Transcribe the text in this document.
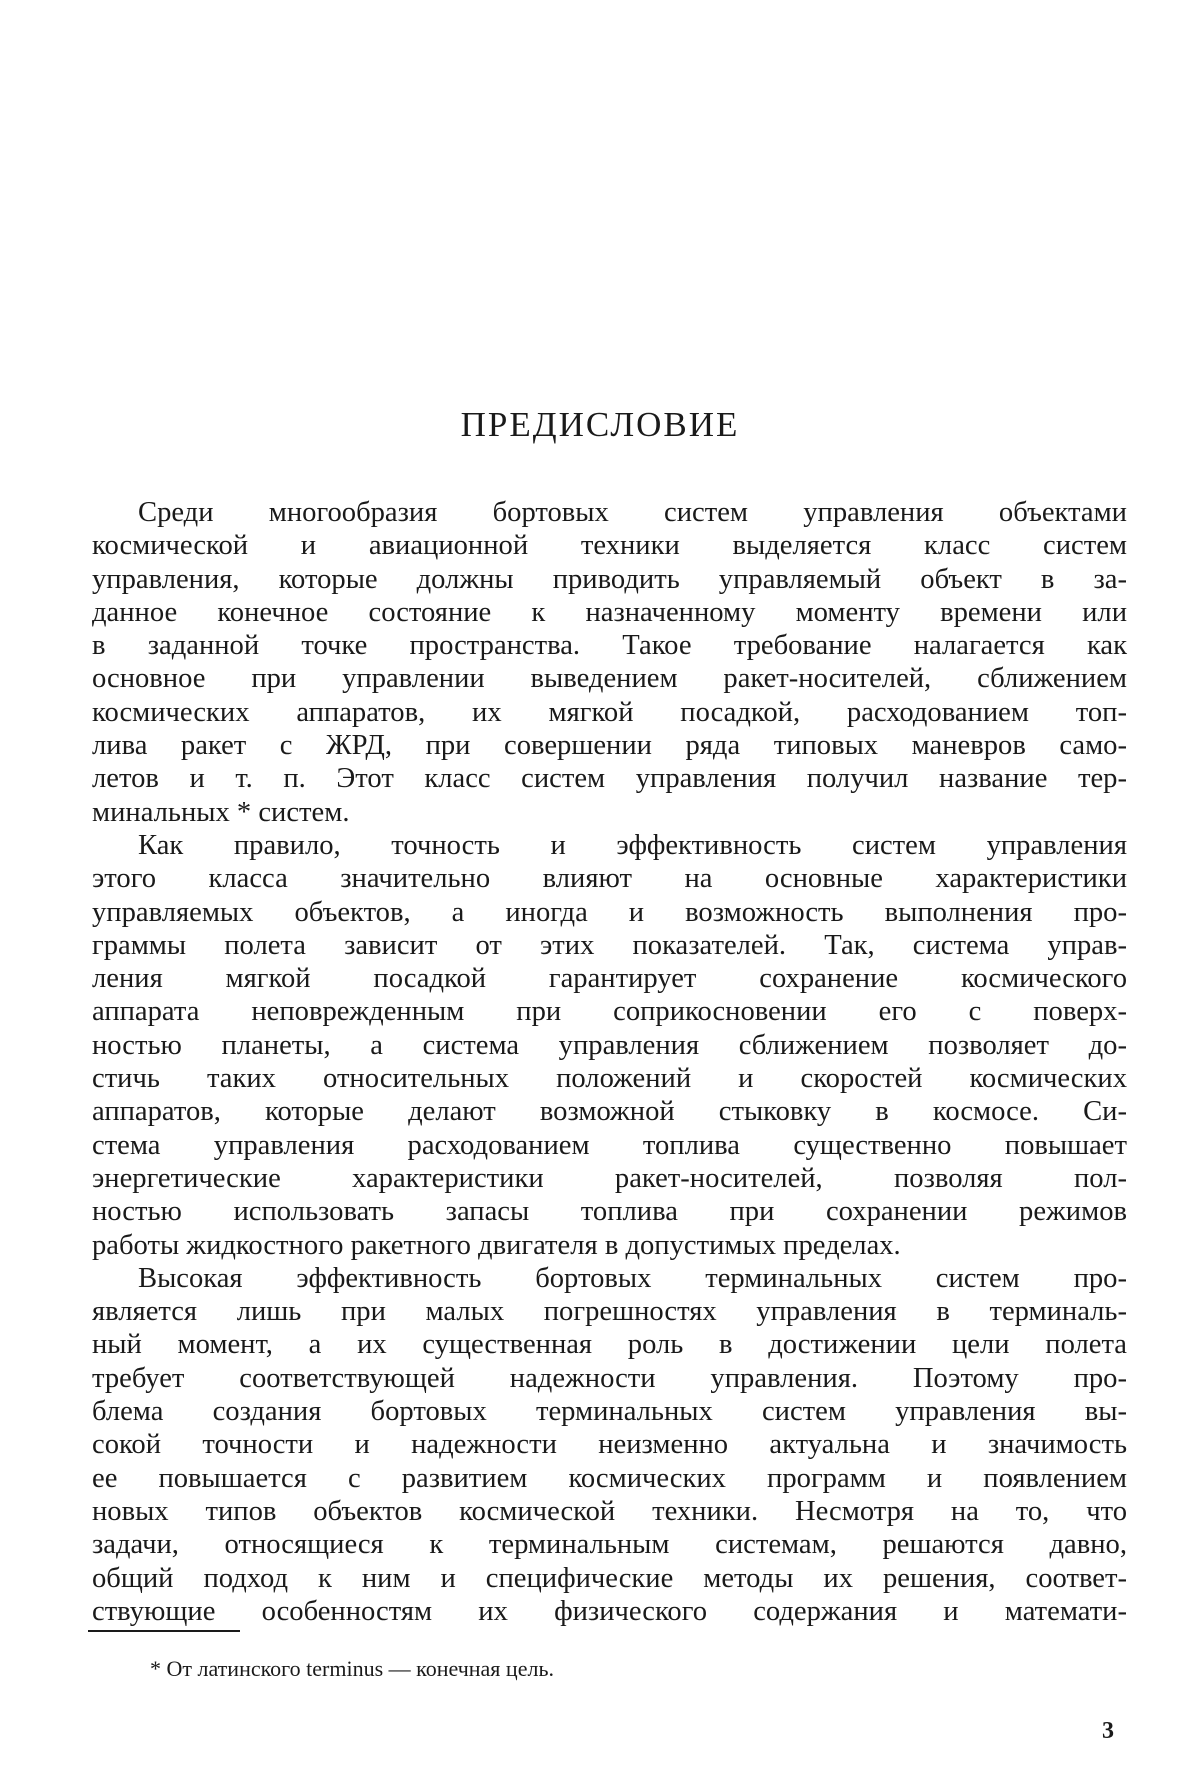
ПРЕДИСЛОВИЕ

Среди многообразия бортовых систем управления объектами
космической и авиационной техники выделяется класс систем
управления, которые должны приводить управляемый объект в за-
данное конечное состояние к назначенному моменту времени или
в заданной точке пространства. Такое требование налагается как
основное при управлении выведением ракет-носителей, сближением
космических аппаратов, их мягкой посадкой, расходованием топ-
лива ракет с ЖРД, при совершении ряда типовых маневров само-
летов и т. п. Этот класс систем управления получил название тер-
минальных * систем.

Как правило, точность и эффективность систем управления
этого класса значительно влияют на основные характеристики
управляемых объектов, а иногда и возможность выполнения про-
граммы полета зависит от этих показателей. Так, система управ-
ления мягкой посадкой гарантирует сохранение космического
аппарата неповрежденным при соприкосновении его с поверх-
ностью планеты, а система управления сближением позволяет до-
стичь таких относительных положений и скоростей космических
аппаратов, которые делают возможной стыковку в космосе. Си-
стема управления расходованием топлива существенно повышает
энергетические характеристики ракет-носителей, позволяя пол-
ностью использовать запасы топлива при сохранении режимов
работы жидкостного ракетного двигателя в допустимых пределах.

Высокая эффективность бортовых терминальных систем про-
является лишь при малых погрешностях управления в терминаль-
ный момент, а их существенная роль в достижении цели полета
требует соответствующей надежности управления. Поэтому про-
блема создания бортовых терминальных систем управления вы-
сокой точности и надежности неизменно актуальна и значимость
ее повышается с развитием космических программ и появлением
новых типов объектов космической техники. Несмотря на то, что
задачи, относящиеся к терминальным системам, решаются давно,
общий подход к ним и специфические методы их решения, соответ-
ствующие особенностям их физического содержания и математи-

* От латинского terminus — конечная цель.
3
